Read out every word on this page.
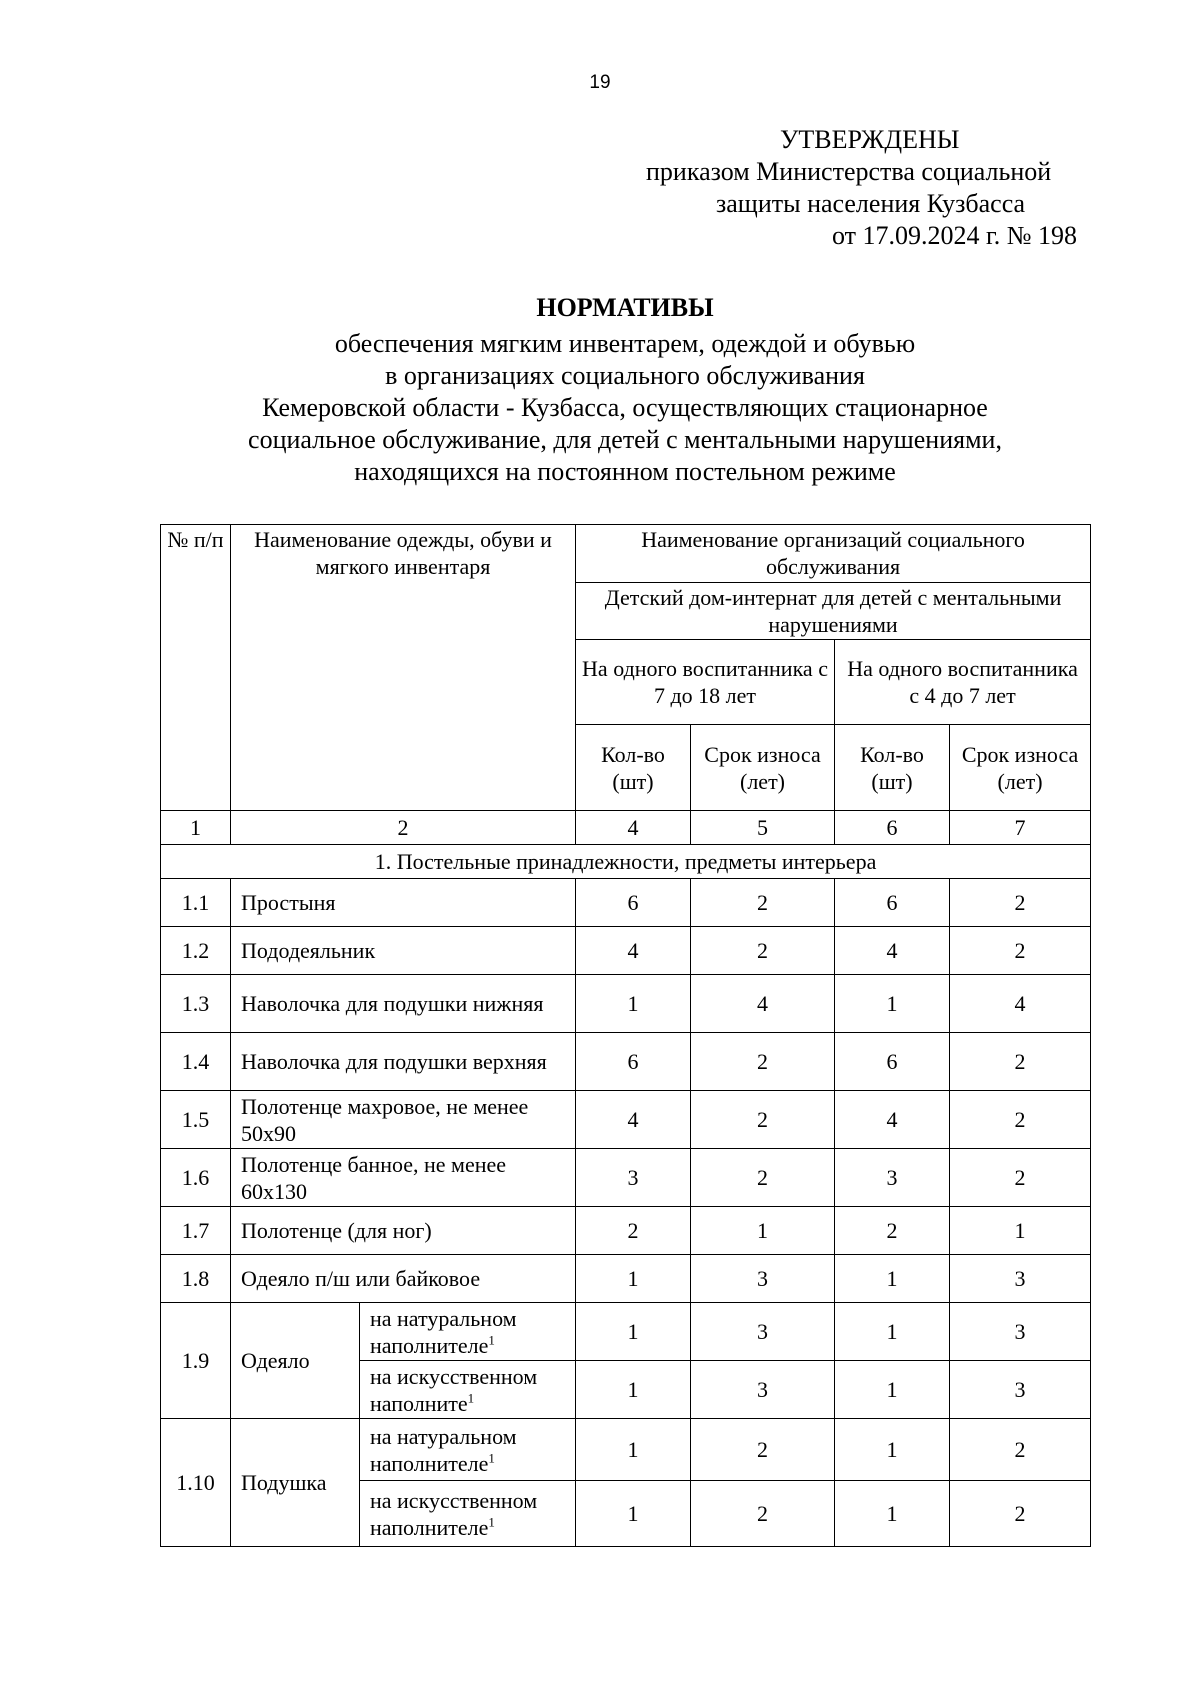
19
УТВЕРЖДЕНЫ
приказом Министерства социальной
защиты населения Кузбасса
от 17.09.2024 г. № 198
НОРМАТИВЫ
обеспечения мягким инвентарем, одеждой и обувью
в организациях социального обслуживания
Кемеровской области - Кузбасса, осуществляющих стационарное
социальное обслуживание, для детей с ментальными нарушениями,
находящихся на постоянном постельном режиме
№ п/п	Наименование одежды, обуви и мягкого инвентаря		Наименование организаций социального обслуживания			
			Детский дом-интернат для детей с ментальными нарушениями			
			На одного воспитанника с 7 до 18 лет		На одного воспитанника с 4 до 7 лет	
			Кол-во (шт)	Срок износа (лет)	Кол-во (шт)	Срок износа (лет)
1	2		4	5	6	7
1. Постельные принадлежности, предметы интерьера						
1.1	Простыня		6	2	6	2
1.2	Пододеяльник		4	2	4	2
1.3	Наволочка для подушки нижняя		1	4	1	4
1.4	Наволочка для подушки верхняя		6	2	6	2
1.5	Полотенце махровое, не менее 50х90		4	2	4	2
1.6	Полотенце банное, не менее 60х130		3	2	3	2
1.7	Полотенце (для ног)		2	1	2	1
1.8	Одеяло п/ш или байковое		1	3	1	3
1.9	Одеяло	на натуральном наполнителе$^1$	1	3	1	3
		на искусственном наполните$^1$	1	3	1	3
1.10	Подушка	на натуральном наполнителе$^1$	1	2	1	2
		на искусственном наполнителе$^1$	1	2	1	2
